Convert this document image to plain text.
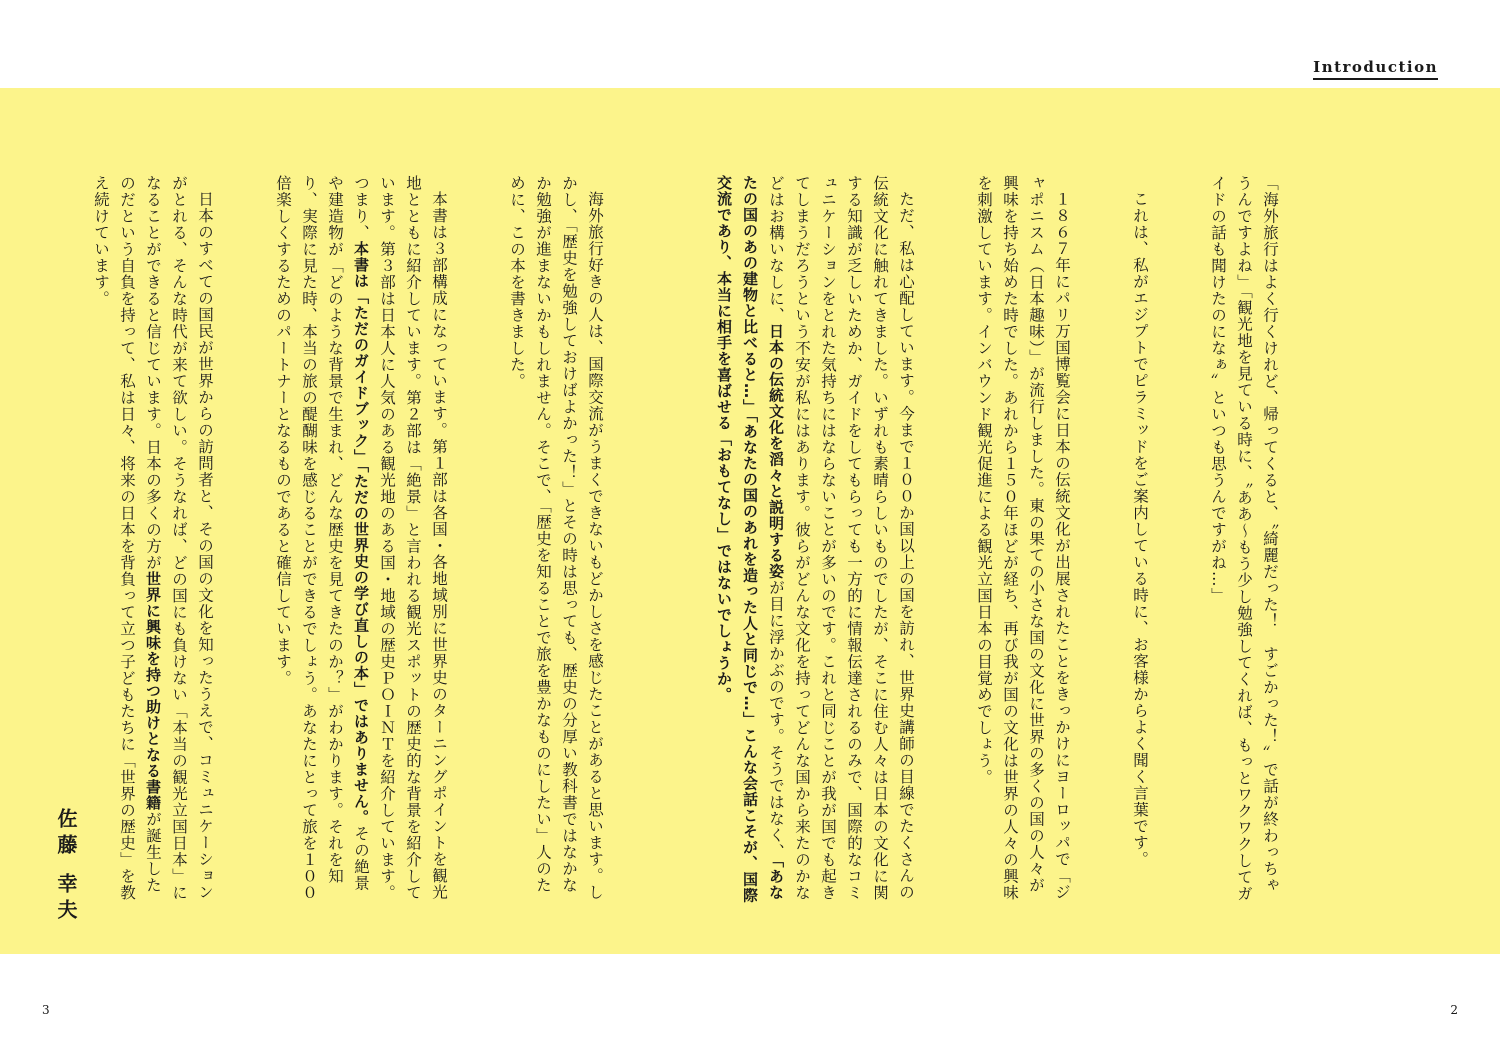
Introduction

「海外旅行はよく行くけれど、帰ってくると、〝綺麗だった！　すごかった！〟で話が終わっちゃうんですよね」「観光地を見ている時に、〝ああ〜もう少し勉強してくれば、もっとワクワクしてガイドの話も聞けたのになぁ〟といつも思うんですがね…」

これは、私がエジプトでピラミッドをご案内している時に、お客様からよく聞く言葉です。

１８６７年にパリ万国博覧会に日本の伝統文化が出展されたことをきっかけにヨーロッパで「ジャポニスム（日本趣味）」が流行しました。東の果ての小さな国の文化に世界の多くの国の人々が興味を持ち始めた時でした。あれから１５０年ほどが経ち、再び我が国の文化は世界の人々の興味を刺激しています。インバウンド観光促進による観光立国日本の目覚めでしょう。

ただ、私は心配しています。今まで１００か国以上の国を訪れ、世界史講師の目線でたくさんの伝統文化に触れてきました。いずれも素晴らしいものでしたが、そこに住む人々は日本の文化に関する知識が乏しいためか、ガイドをしてもらっても一方的に情報伝達されるのみで、国際的なコミュニケーションをとれた気持ちにはならないことが多いのです。これと同じことが我が国でも起きてしまうだろうという不安が私にはあります。彼らがどんな文化を持ってどんな国から来たのかなどはお構いなしに、日本の伝統文化を滔々と説明する姿が目に浮かぶのです。そうではなく、「あなたの国のあの建物と比べると…」「あなたの国のあれを造った人と同じで…」こんな会話こそが、国際交流であり、本当に相手を喜ばせる「おもてなし」ではないでしょうか。

海外旅行好きの人は、国際交流がうまくできないもどかしさを感じたことがあると思います。しかし、「歴史を勉強しておけばよかった！」とその時は思っても、歴史の分厚い教科書ではなかなか勉強が進まないかもしれません。そこで、「歴史を知ることで旅を豊かなものにしたい」人のために、この本を書きました。

本書は３部構成になっています。第１部は各国・各地域別に世界史のターニングポイントを観光地とともに紹介しています。第２部は「絶景」と言われる観光スポットの歴史的な背景を紹介しています。第３部は日本人に人気のある観光地のある国・地域の歴史ＰＯＩＮＴを紹介しています。つまり、本書は「ただのガイドブック」「ただの世界史の学び直しの本」ではありません。その絶景や建造物が「どのような背景で生まれ、どんな歴史を見てきたのか？」がわかります。それを知り、実際に見た時、本当の旅の醍醐味を感じることができるでしょう。あなたにとって旅を１００倍楽しくするためのパートナーとなるものであると確信しています。

日本のすべての国民が世界からの訪問者と、その国の文化を知ったうえで、コミュニケーションがとれる、そんな時代が来て欲しい。そうなれば、どの国にも負けない「本当の観光立国日本」になることができると信じています。日本の多くの方が世界に興味を持つ助けとなる書籍が誕生したのだという自負を持って、私は日々、将来の日本を背負って立つ子どもたちに「世界の歴史」を教え続けています。

佐藤 幸夫
3	2
